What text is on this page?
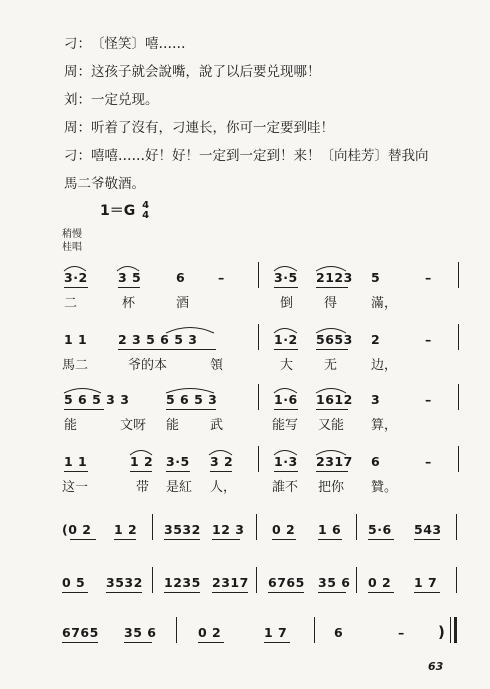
刁：〔怪笑〕嘻……
周：这孩子就会說嘴，說了以后要兑现哪！
刘：一定兑现。
周：听着了沒有，刁連长，你可一定要到哇！
刁：嘻嘻……好！好！一定到一定到！来！〔向桂芳〕替我向
馬二爷敬酒。
1＝G 4
4
稍慢
桂唱
3·2 3 5	6	–	3·5 2123 5	–
二	杯	酒	倒 得	滿，
1 1 2 3 5 6 5 3	1·2 5653 2	–
馬二	爷的本	領	大 无	边，
5 6 5 3 3	5 6 5 3	1·6 1612 3	–
能	文呀 能 武	能写 又能 算，
1 1	1 2 3·5 3 2	1·3 2317 6	–
这一	带 是紅 人，	誰不 把你 贊。
(0 2 1 2 3532 12 3 0 2 1 6 5·6 543
0 5 3532 1235 2317 6765 35 6 0 2 1 7
6765 35 6	0 2	1 7	6	– )
63
